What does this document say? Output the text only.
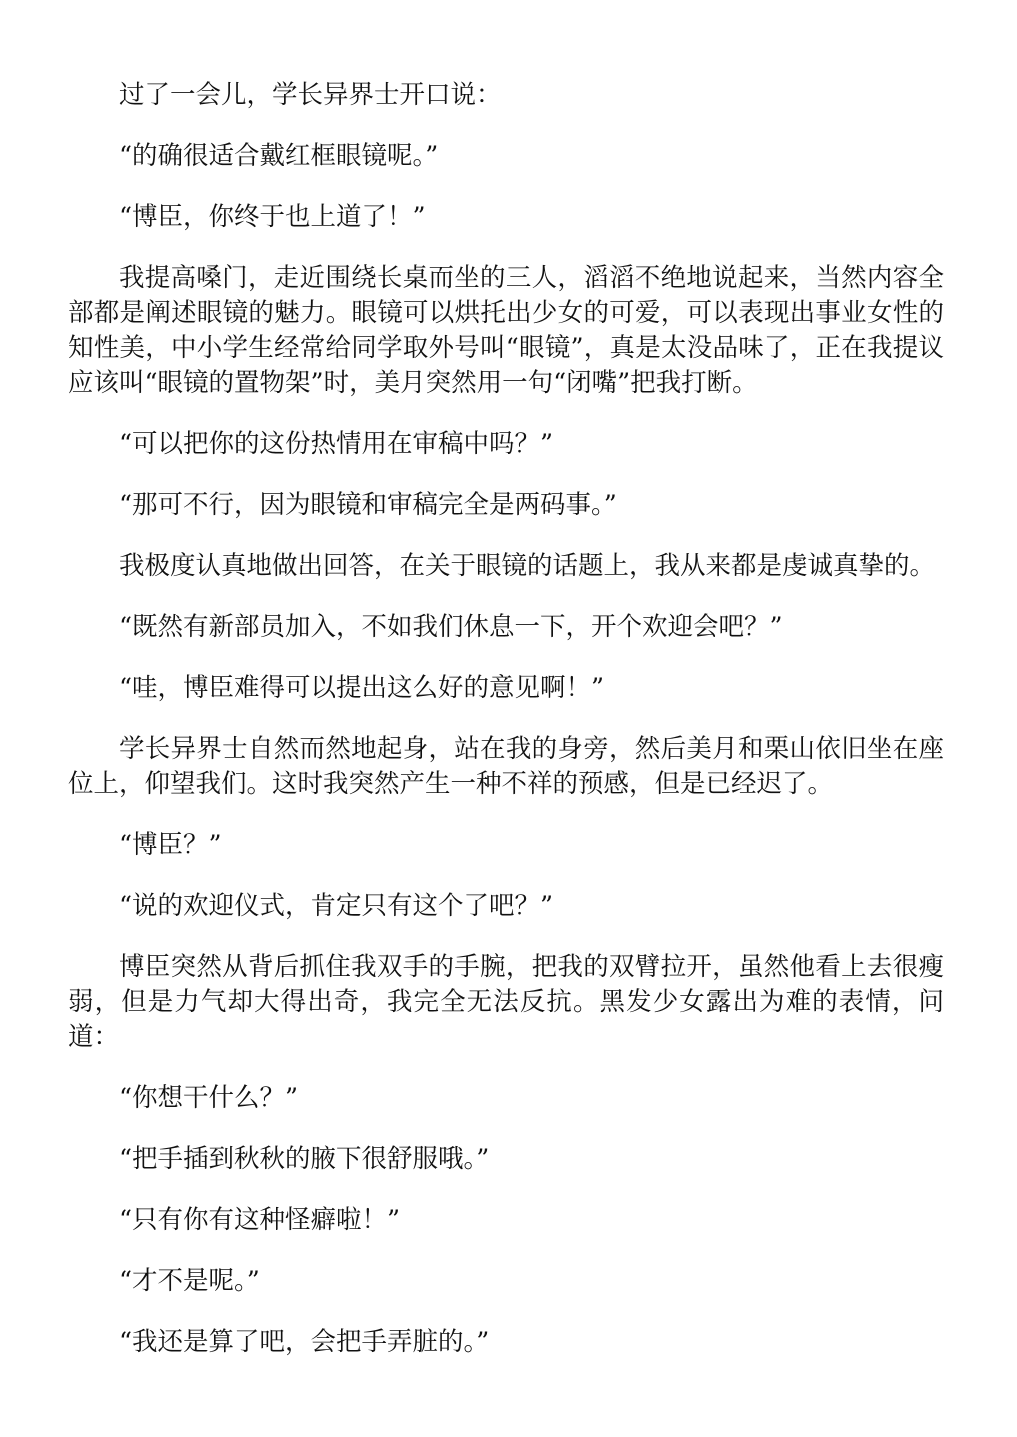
过了一会儿，学长异界士开口说：

“的确很适合戴红框眼镜呢。”

“博臣，你终于也上道了！”

我提高嗓门，走近围绕长桌而坐的三人，滔滔不绝地说起来，当然内容全部都是阐述眼镜的魅力。眼镜可以烘托出少女的可爱，可以表现出事业女性的知性美，中小学生经常给同学取外号叫“眼镜”，真是太没品味了，正在我提议应该叫“眼镜的置物架”时，美月突然用一句“闭嘴”把我打断。

“可以把你的这份热情用在审稿中吗？”

“那可不行，因为眼镜和审稿完全是两码事。”

我极度认真地做出回答，在关于眼镜的话题上，我从来都是虔诚真挚的。

“既然有新部员加入，不如我们休息一下，开个欢迎会吧？”

“哇，博臣难得可以提出这么好的意见啊！”

学长异界士自然而然地起身，站在我的身旁，然后美月和栗山依旧坐在座位上，仰望我们。这时我突然产生一种不祥的预感，但是已经迟了。

“博臣？”

“说的欢迎仪式，肯定只有这个了吧？”

博臣突然从背后抓住我双手的手腕，把我的双臂拉开，虽然他看上去很瘦弱，但是力气却大得出奇，我完全无法反抗。黑发少女露出为难的表情，问道：

“你想干什么？”

“把手插到秋秋的腋下很舒服哦。”

“只有你有这种怪癖啦！”

“才不是呢。”

“我还是算了吧，会把手弄脏的。”
